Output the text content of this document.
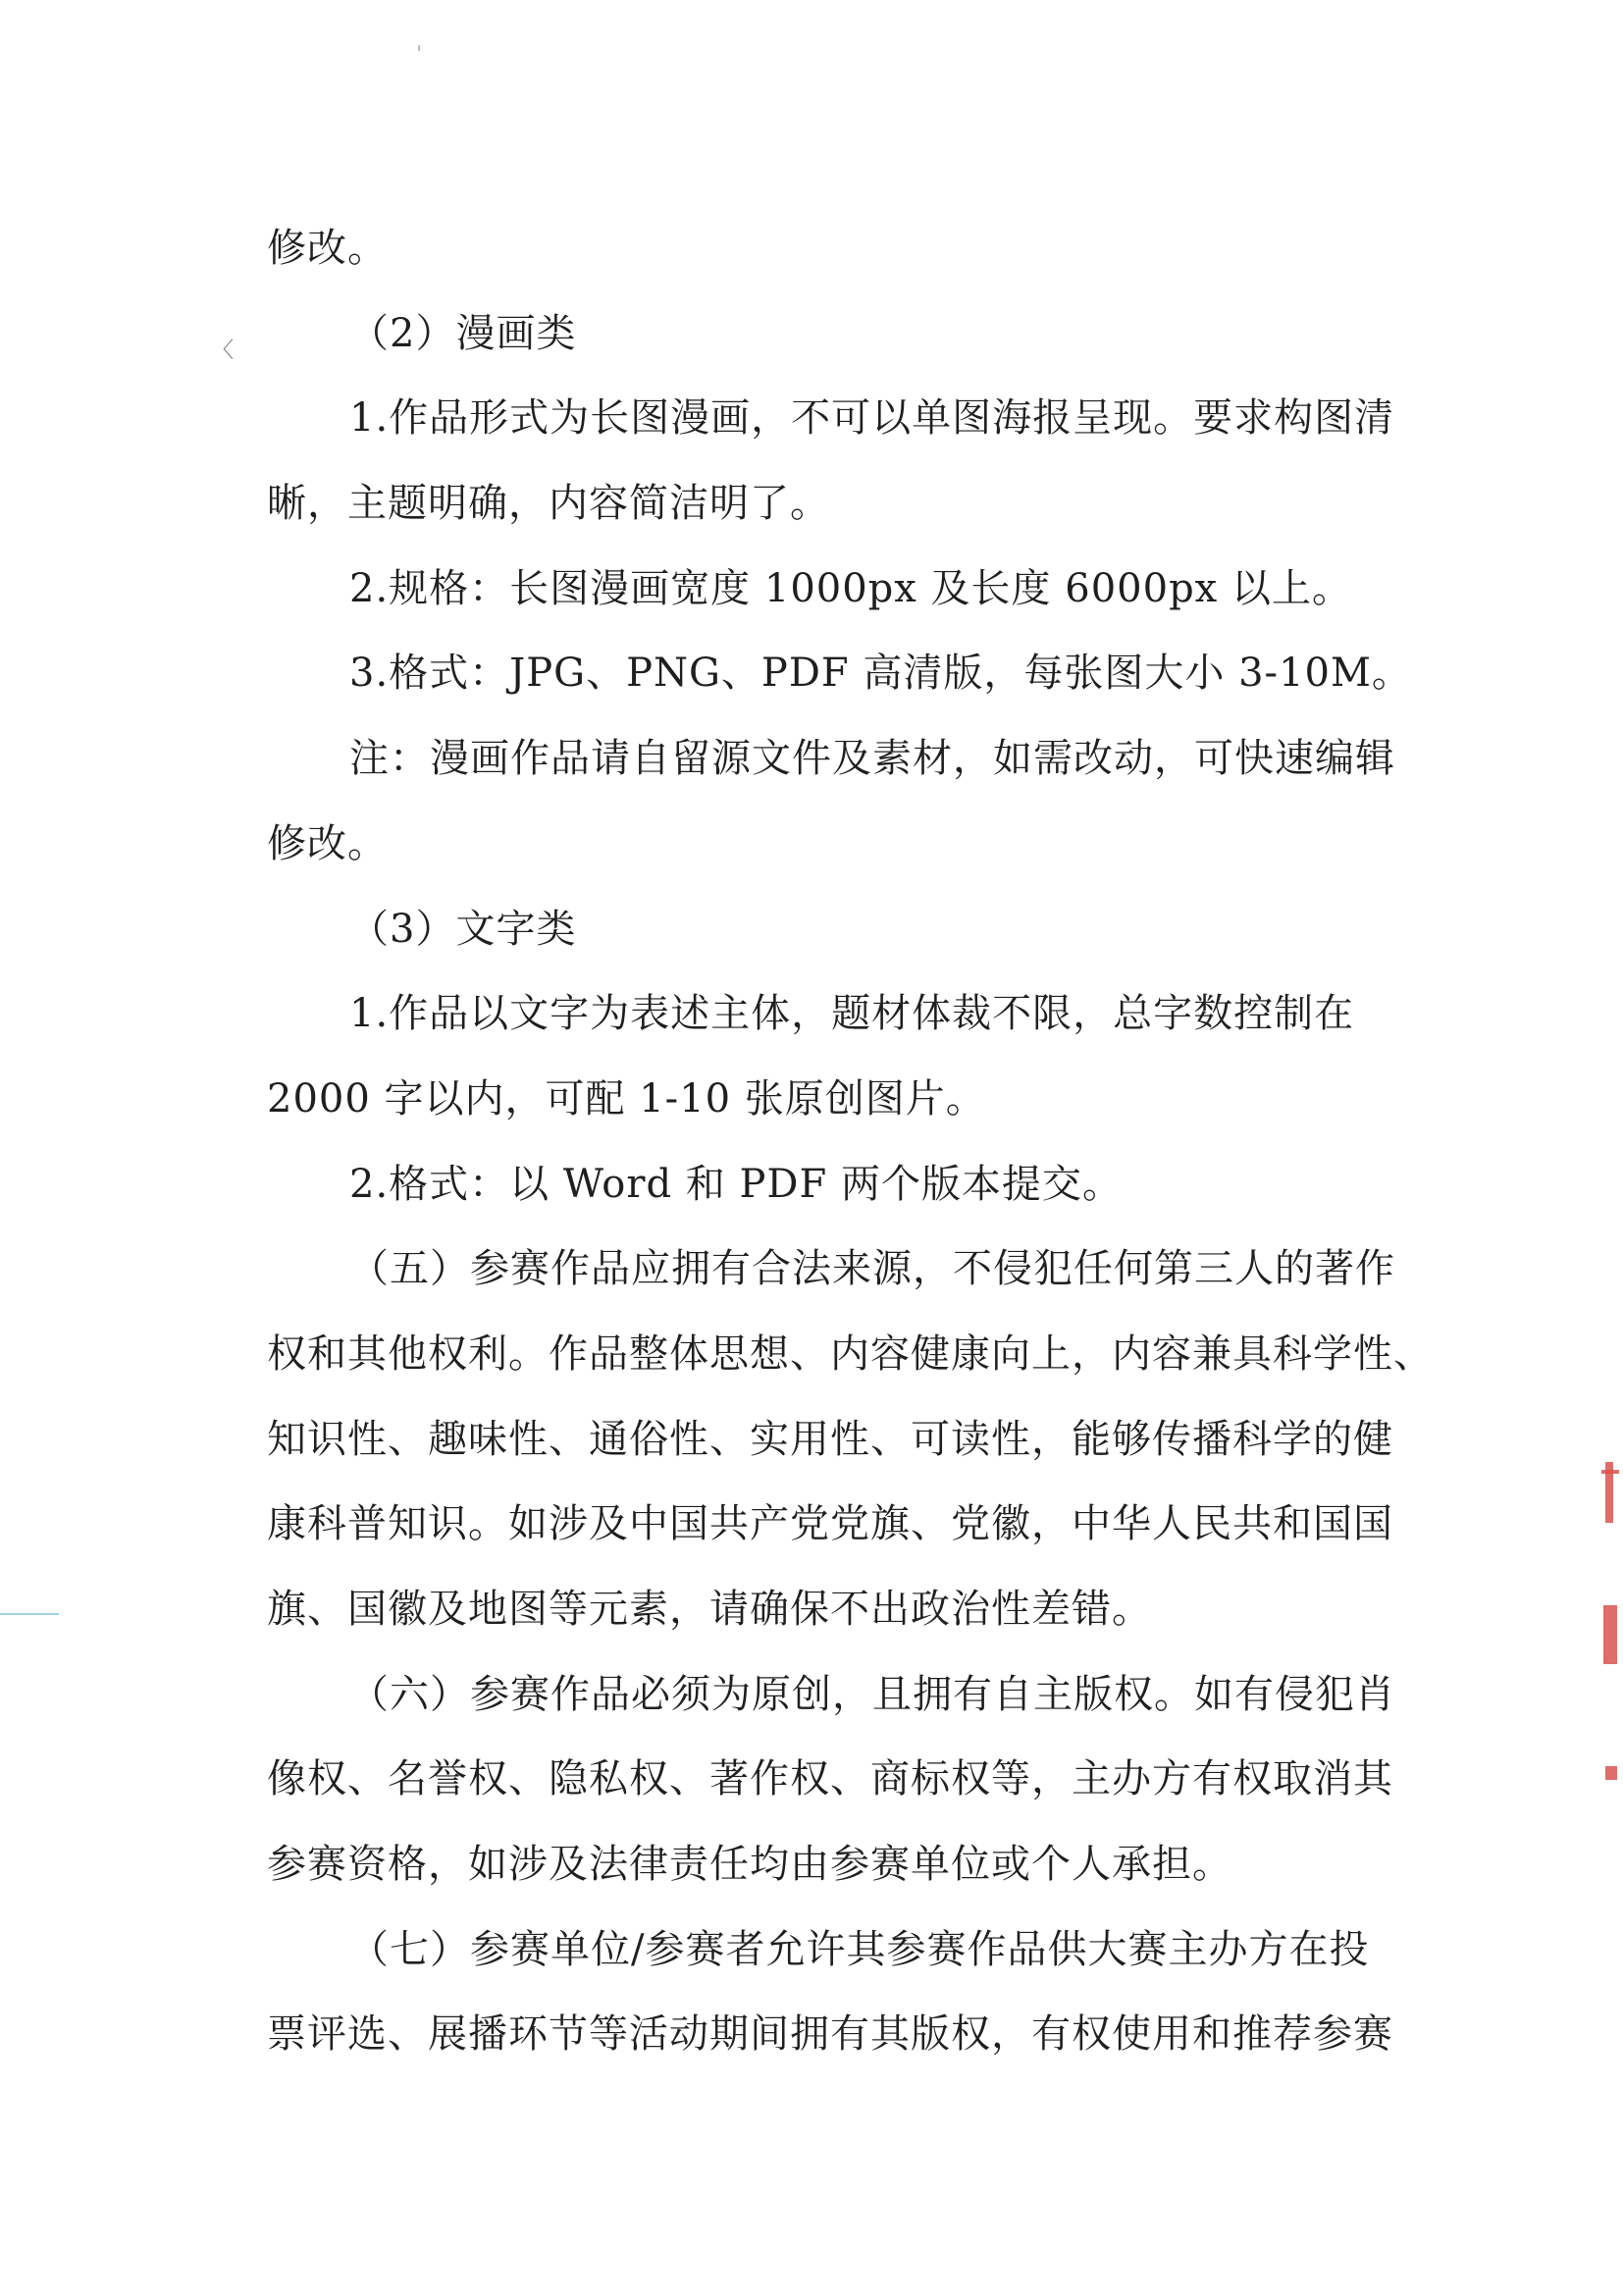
〈
修改。
（2）漫画类
1.作品形式为长图漫画，不可以单图海报呈现。要求构图清
晰，主题明确，内容简洁明了。
2.规格：长图漫画宽度 1000px 及长度 6000px 以上。
3.格式：JPG、PNG、PDF 高清版，每张图大小 3-10M。
注：漫画作品请自留源文件及素材，如需改动，可快速编辑
修改。
（3）文字类
1.作品以文字为表述主体，题材体裁不限，总字数控制在
2000 字以内，可配 1-10 张原创图片。
2.格式：以 Word 和 PDF 两个版本提交。
（五）参赛作品应拥有合法来源，不侵犯任何第三人的著作
权和其他权利。作品整体思想、内容健康向上，内容兼具科学性、
知识性、趣味性、通俗性、实用性、可读性，能够传播科学的健
康科普知识。如涉及中国共产党党旗、党徽，中华人民共和国国
旗、国徽及地图等元素，请确保不出政治性差错。
（六）参赛作品必须为原创，且拥有自主版权。如有侵犯肖
像权、名誉权、隐私权、著作权、商标权等，主办方有权取消其
参赛资格，如涉及法律责任均由参赛单位或个人承担。
（七）参赛单位/参赛者允许其参赛作品供大赛主办方在投
票评选、展播环节等活动期间拥有其版权，有权使用和推荐参赛
